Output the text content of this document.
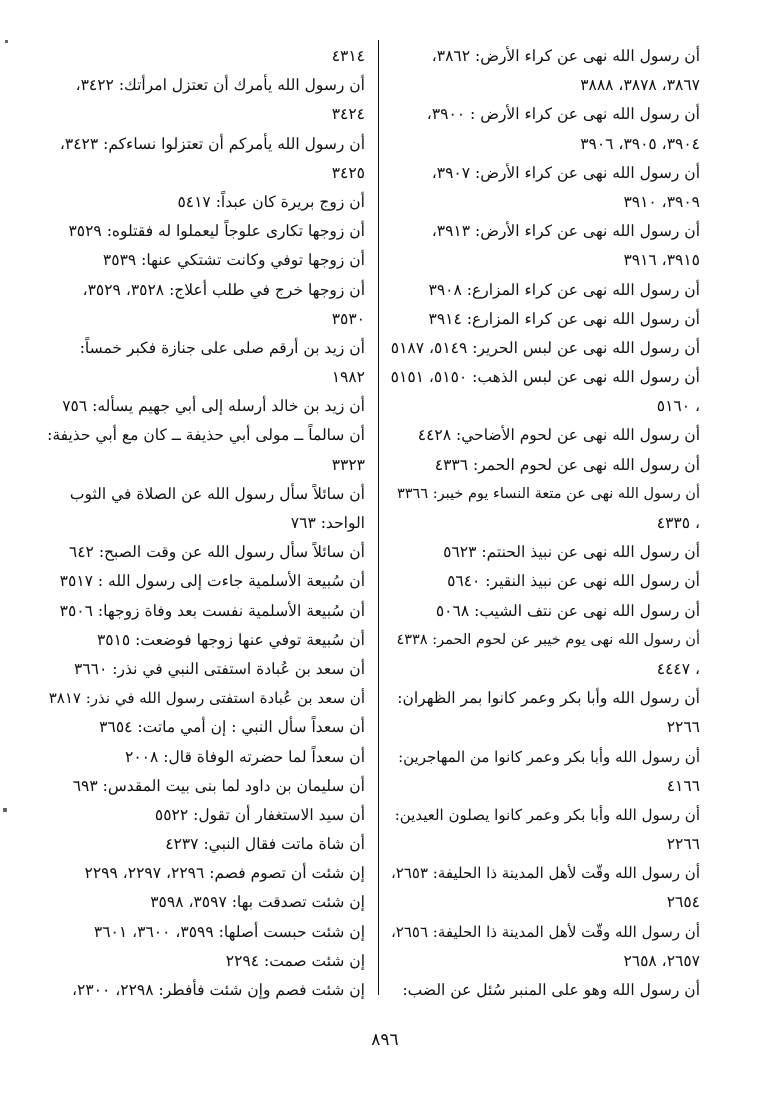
أن رسول الله نهى عن كراء الأرض: ٣٨٦٢،
٣٨٦٧، ٣٨٧٨، ٣٨٨٨
أن رسول الله نهى عن كراء الأرض : ٣٩٠٠،
٣٩٠٤، ٣٩٠٥، ٣٩٠٦
أن رسول الله نهى عن كراء الأرض: ٣٩٠٧،
٣٩٠٩، ٣٩١٠
أن رسول الله نهى عن كراء الأرض: ٣٩١٣،
٣٩١٥، ٣٩١٦
أن رسول الله نهى عن كراء المزارع: ٣٩٠٨
أن رسول الله نهى عن كراء المزارع: ٣٩١٤
أن رسول الله نهى عن لبس الحرير: ٥١٤٩، ٥١٨٧
أن رسول الله نهى عن لبس الذهب: ٥١٥٠، ٥١٥١
، ٥١٦٠
أن رسول الله نهى عن لحوم الأضاحي: ٤٤٢٨
أن رسول الله نهى عن لحوم الحمر: ٤٣٣٦
أن رسول الله نهى عن متعة النساء يوم خيبر: ٣٣٦٦
، ٤٣٣٥
أن رسول الله نهى عن نبيذ الحنتم: ٥٦٢٣
أن رسول الله نهى عن نبيذ النقير: ٥٦٤٠
أن رسول الله نهى عن نتف الشيب: ٥٠٦٨
أن رسول الله نهى يوم خيبر عن لحوم الحمر: ٤٣٣٨
، ٤٤٤٧
أن رسول الله وأبا بكر وعمر كانوا بمر الظهران:
٢٢٦٦
أن رسول الله وأبا بكر وعمر كانوا من المهاجرين:
٤١٦٦
أن رسول الله وأبا بكر وعمر كانوا يصلون العيدين:
٢٢٦٦
أن رسول الله وقّت لأهل المدينة ذا الحليفة: ٢٦٥٣،
٢٦٥٤
أن رسول الله وقّت لأهل المدينة ذا الحليفة: ٢٦٥٦،
٢٦٥٧، ٢٦٥٨
أن رسول الله وهو على المنبر سُئل عن الضب:
٤٣١٤
أن رسول الله يأمرك أن تعتزل امرأتك: ٣٤٢٢،
٣٤٢٤
أن رسول الله يأمركم أن تعتزلوا نساءكم: ٣٤٢٣،
٣٤٢٥
أن زوج بريرة كان عبداً: ٥٤١٧
أن زوجها تكارى علوجاً ليعملوا له فقتلوه: ٣٥٢٩
أن زوجها توفي وكانت تشتكي عنها: ٣٥٣٩
أن زوجها خرج في طلب أعلاج: ٣٥٢٨، ٣٥٢٩،
٣٥٣٠
أن زيد بن أرقم صلى على جنازة فكبر خمساً:
١٩٨٢
أن زيد بن خالد أرسله إلى أبي جهيم يسأله: ٧٥٦
أن سالماً ــ مولى أبي حذيفة ــ كان مع أبي حذيفة:
٣٣٢٣
أن سائلاً سأل رسول الله عن الصلاة في الثوب
الواحد: ٧٦٣
أن سائلاً سأل رسول الله عن وقت الصبح: ٦٤٢
أن سُبيعة الأسلمية جاءت إلى رسول الله : ٣٥١٧
أن سُبيعة الأسلمية نفست بعد وفاة زوجها: ٣٥٠٦
أن سُبيعة توفي عنها زوجها فوضعت: ٣٥١٥
أن سعد بن عُبادة استفتى النبي في نذر: ٣٦٦٠
أن سعد بن عُبادة استفتى رسول الله في نذر: ٣٨١٧
أن سعداً سأل النبي : إن أمي ماتت: ٣٦٥٤
أن سعداً لما حضرته الوفاة قال: ٢٠٠٨
أن سليمان بن داود لما بنى بيت المقدس: ٦٩٣
أن سيد الاستغفار أن تقول: ٥٥٢٢
أن شاة ماتت فقال النبي: ٤٢٣٧
إن شئت أن تصوم فصم: ٢٢٩٦، ٢٢٩٧، ٢٢٩٩
إن شئت تصدقت بها: ٣٥٩٧، ٣٥٩٨
إن شئت حبست أصلها: ٣٥٩٩، ٣٦٠٠، ٣٦٠١
إن شئت صمت: ٢٢٩٤
إن شئت فصم وإن شئت فأفطر: ٢٢٩٨، ٢٣٠٠،
٨٩٦
